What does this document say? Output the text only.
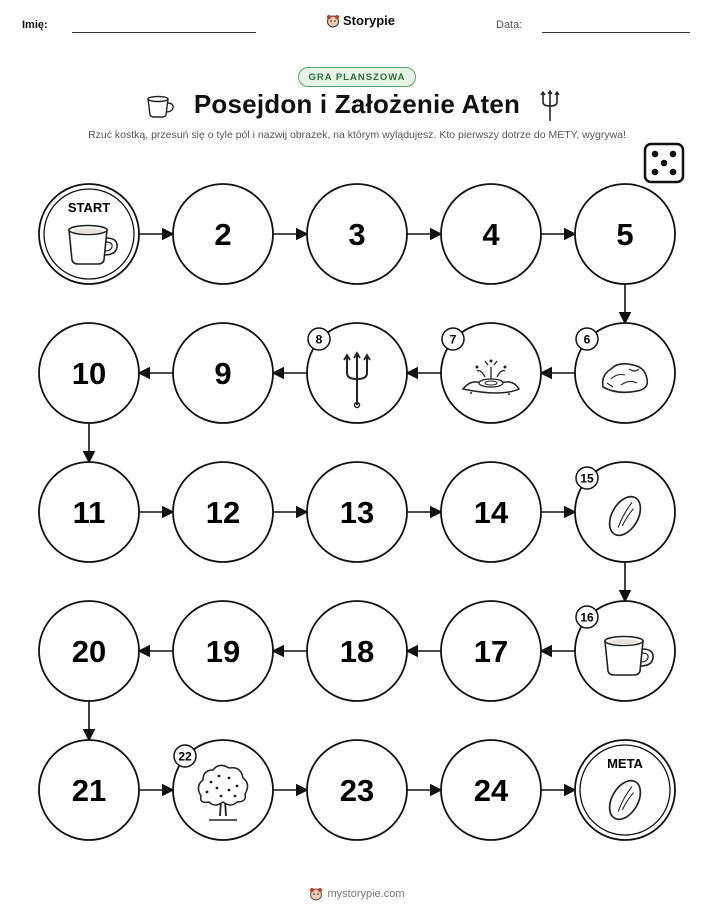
Imię:	Storypie	Data:
GRA PLANSZOWA
Posejdon i Założenie Aten
Rzuć kostką, przesuń się o tyle pól i nazwij obrazek, na którym wylądujesz. Kto pierwszy dotrze do METY, wygrywa!
START
2	3	4	5
6
7
8
9
10
11	12	13	14
15
16
17
18
19
20
21
22
23	24
META
mystorypie.com
